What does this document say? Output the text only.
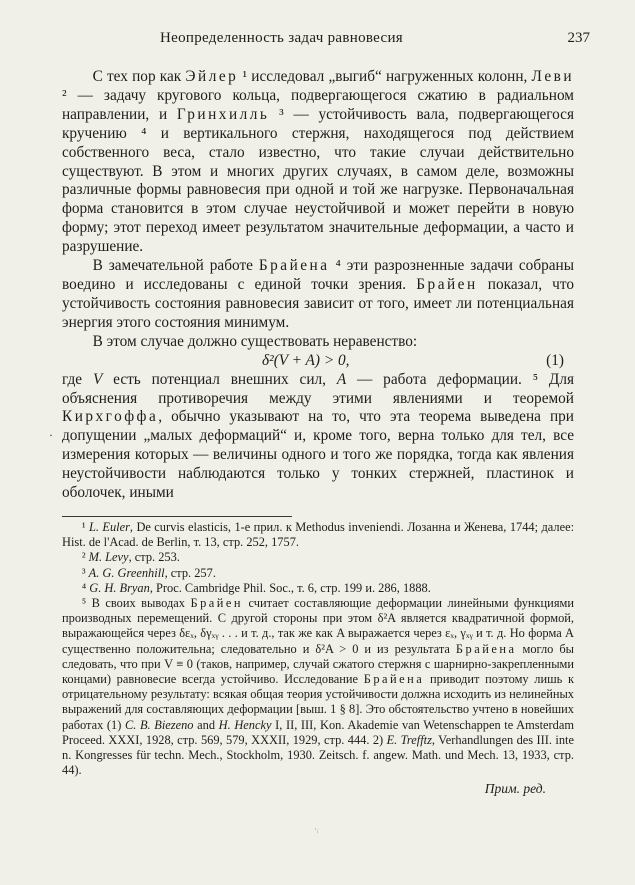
Неопределенность задач равновесия	237

С тех пор как Эйлер ¹ исследовал „выгиб“ нагруженных колонн, Леви ² — задачу кругового кольца, подвергающегося сжатию в радиальном направлении, и Гринхилль ³ — устойчивость вала, подвергающегося кручению ⁴ и вертикального стержня, находящегося под действием собственного веса, стало известно, что такие случаи действительно существуют. В этом и многих других случаях, в самом деле, возможны различные формы равновесия при одной и той же нагрузке. Первоначальная форма становится в этом случае неустойчивой и может перейти в новую форму; этот переход имеет результатом значительные деформации, а часто и разрушение.

В замечательной работе Брайена ⁴ эти разрозненные задачи собраны воедино и исследованы с единой точки зрения. Брайен показал, что устойчивость состояния равновесия зависит от того, имеет ли потенциальная энергия этого состояния минимум.

В этом случае должно существовать неравенство:

δ²(V + A) > 0,	(1)

где V есть потенциал внешних сил, A — работа деформации. ⁵ Для объяснения противоречия между этими явлениями и теоремой Кирхгоффа, обычно указывают на то, что эта теорема выведена при допущении „малых деформаций“ и, кроме того, верна только для тел, все измерения которых — величины одного и того же порядка, тогда как явления неустойчивости наблюдаются только у тонких стержней, пластинок и оболочек, иными

·

¹ L. Euler, De curvis elasticis, 1-е прил. к Methodus inveniendi. Лозанна и Женева, 1744; далее: Hist. de l'Acad. de Berlin, т. 13, стр. 252, 1757.

² M. Levy, стр. 253.

³ A. G. Greenhill, стр. 257.

⁴ G. H. Bryan, Proc. Cambridge Phil. Soc., т. 6, стр. 199 и. 286, 1888.

⁵ В своих выводах Брайен считает составляющие деформации линейными функциями производных перемещений. С другой стороны при этом δ²A является квадратичной формой, выражающейся через δεₓ, δγₓᵧ . . . и т. д., так же как A выражается через εₓ, γₓᵧ и т. д. Но форма A существенно положительна; следовательно и δ²A > 0 и из результата Брайена могло бы следовать, что при V ≡ 0 (таков, например, случай сжатого стержня с шарнирно-закрепленными концами) равновесие всегда устойчиво. Исследование Брайена приводит поэтому лишь к отрицательному результату: всякая общая теория устойчивости должна исходить из нелинейных выражений для составляющих деформации [выш. 1 § 8]. Это обстоятельство учтено в новейших работах (1) C. B. Biezeno and H. Hencky I, II, III, Kon. Akademie van Wetenschappen te Amsterdam Proceed. XXXI, 1928, стр. 569, 579, XXXII, 1929, стр. 444. 2) E. Trefftz, Verhandlungen des III. inte n. Kongresses für techn. Mech., Stockholm, 1930. Zeitsch. f. angew. Math. und Mech. 13, 1933, стр. 44).

Прим. ред.
·ᵢ
